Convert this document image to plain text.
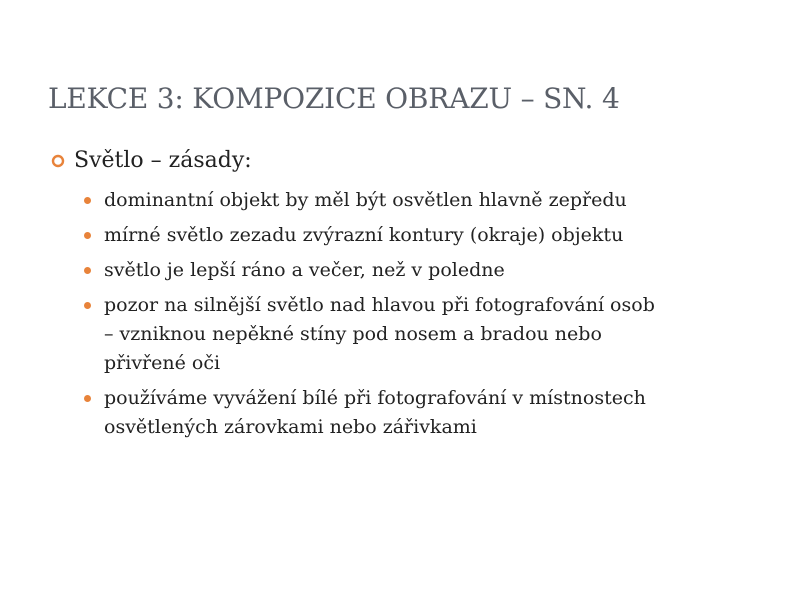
LEKCE 3: KOMPOZICE OBRAZU – SN. 4
Světlo – zásady:
dominantní objekt by měl být osvětlen hlavně zepředu
mírné světlo zezadu zvýrazní kontury (okraje) objektu
světlo je lepší ráno a večer, než v poledne
pozor na silnější světlo nad hlavou při fotografování osob – vzniknou nepěkné stíny pod nosem a bradou nebo přivřené oči
používáme vyvážení bílé při fotografování v místnostech osvětlených zárovkami nebo zářivkami
